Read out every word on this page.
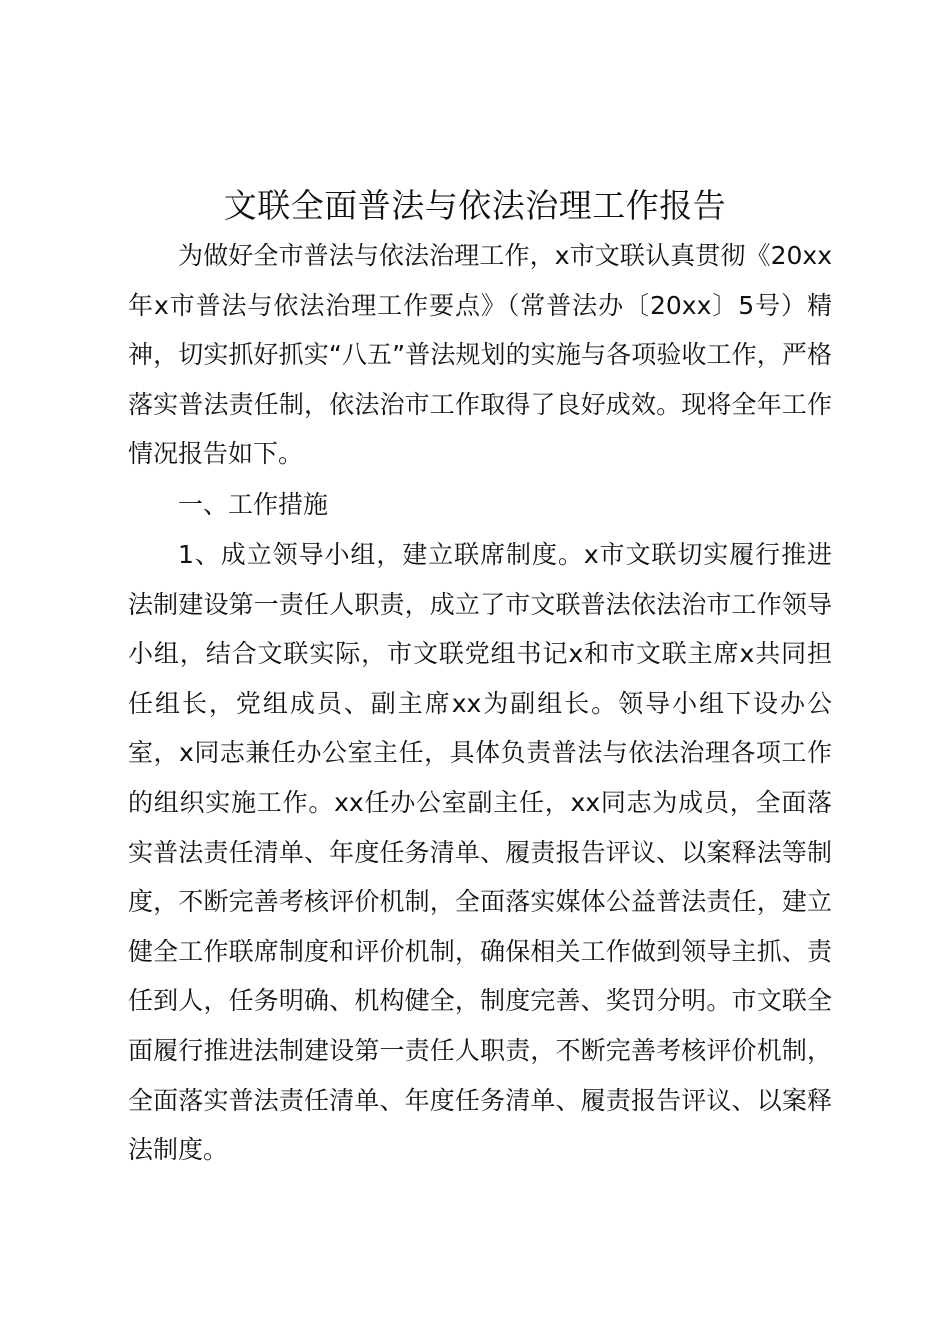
文联全面普法与依法治理工作报告

为做好全市普法与依法治理工作，x市文联认真贯彻《20xx年x市普法与依法治理工作要点》（常普法办〔20xx〕5号）精神，切实抓好抓实“八五”普法规划的实施与各项验收工作，严格落实普法责任制，依法治市工作取得了良好成效。现将全年工作情况报告如下。

一、工作措施

1、成立领导小组，建立联席制度。x市文联切实履行推进法制建设第一责任人职责，成立了市文联普法依法治市工作领导小组，结合文联实际，市文联党组书记x和市文联主席x共同担任组长，党组成员、副主席xx为副组长。领导小组下设办公室，x同志兼任办公室主任，具体负责普法与依法治理各项工作的组织实施工作。xx任办公室副主任，xx同志为成员，全面落实普法责任清单、年度任务清单、履责报告评议、以案释法等制度，不断完善考核评价机制，全面落实媒体公益普法责任，建立健全工作联席制度和评价机制，确保相关工作做到领导主抓、责任到人，任务明确、机构健全，制度完善、奖罚分明。市文联全面履行推进法制建设第一责任人职责，不断完善考核评价机制，全面落实普法责任清单、年度任务清单、履责报告评议、以案释法制度。
